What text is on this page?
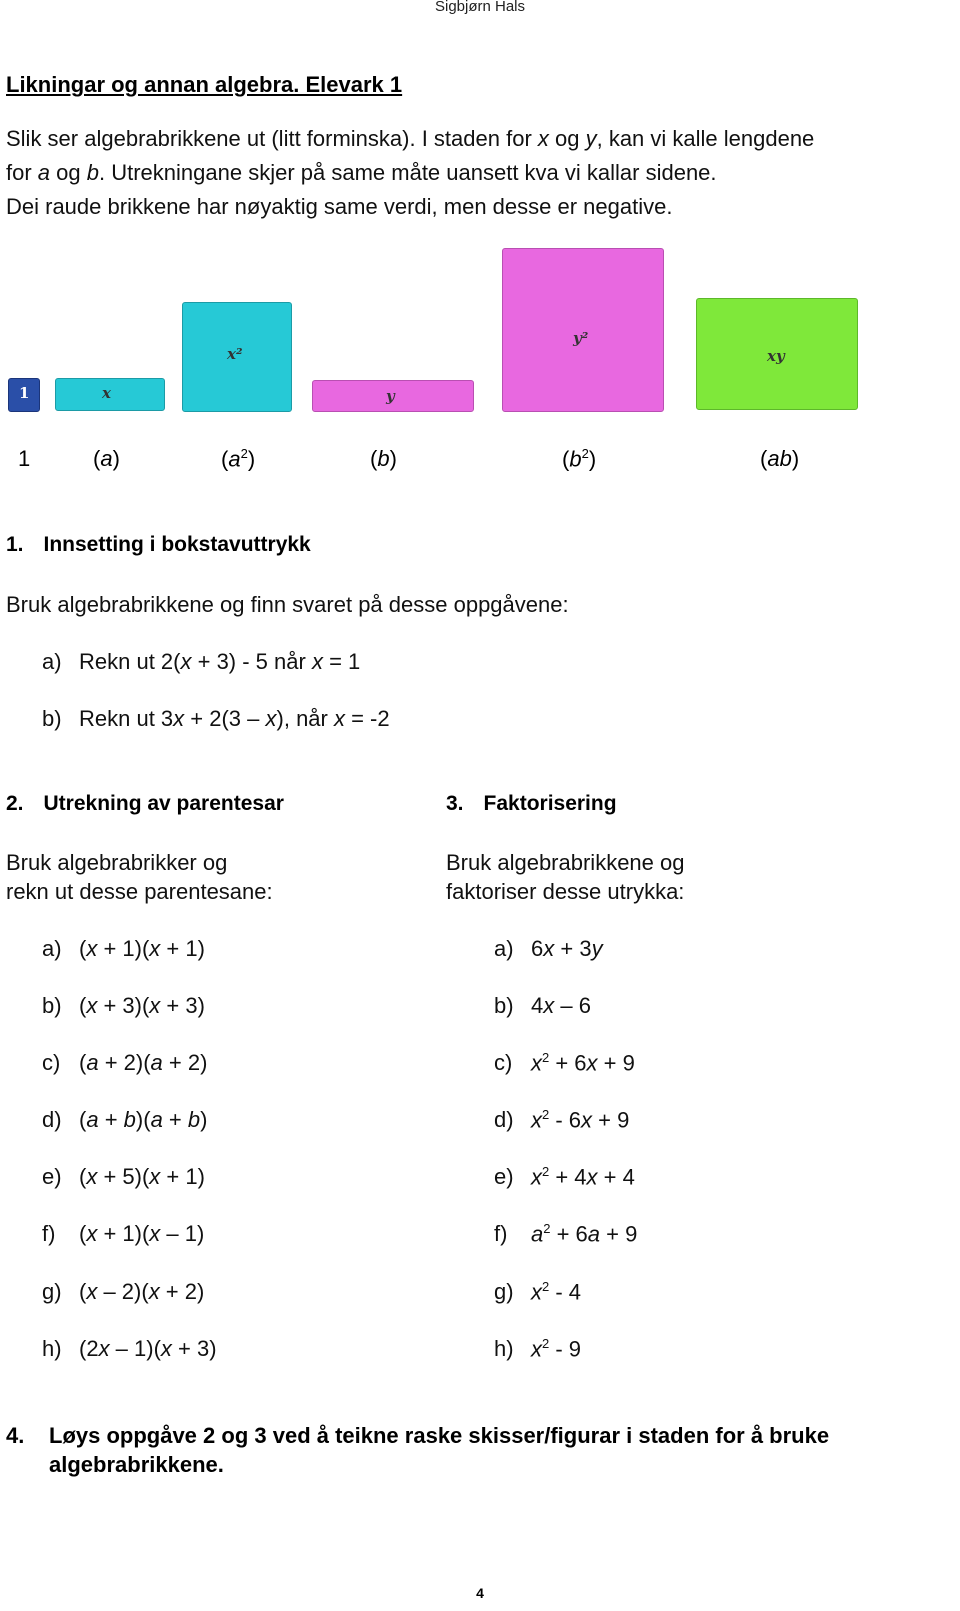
Sigbjørn Hals
Likningar og annan algebra. Elevark 1
Slik ser algebrabrikkene ut (litt forminska). I staden for x og y, kan vi kalle lengdene
for a og b. Utrekningane skjer på same måte uansett kva vi kallar sidene.
Dei raude brikkene har nøyaktig same verdi, men desse er negative.
1	x
x²
y
y²
xy
1	(a)	$(a^2)$	(b)	$(b^2)$	(ab)
1. Innsetting i bokstavuttrykk
Bruk algebrabrikkene og finn svaret på desse oppgåvene:
a) Rekn ut 2(x + 3) - 5 når x = 1
b) Rekn ut 3x + 2(3 – x), når x = -2
2. Utrekning av parentesar
Bruk algebrabrikker og
rekn ut desse parentesane:
a) (x + 1)(x + 1)
b) (x + 3)(x + 3)
c) (a + 2)(a + 2)
d) (a + b)(a + b)
e) (x + 5)(x + 1)
f) (x + 1)(x – 1)
g) (x – 2)(x + 2)
h) (2x – 1)(x + 3)
3. Faktorisering
Bruk algebrabrikkene og
faktoriser desse utrykka:
a) 6x + 3y
b) 4x – 6
c) $x^2 + 6x + 9$
d) $x^2 - 6x + 9$
e) $x^2 + 4x + 4$
f) $a^2 + 6a + 9$
g) $x^2 - 4$
h) $x^2 - 9$
4. Løys oppgåve 2 og 3 ved å teikne raske skisser/figurar i staden for å bruke
algebrabrikkene.
4
